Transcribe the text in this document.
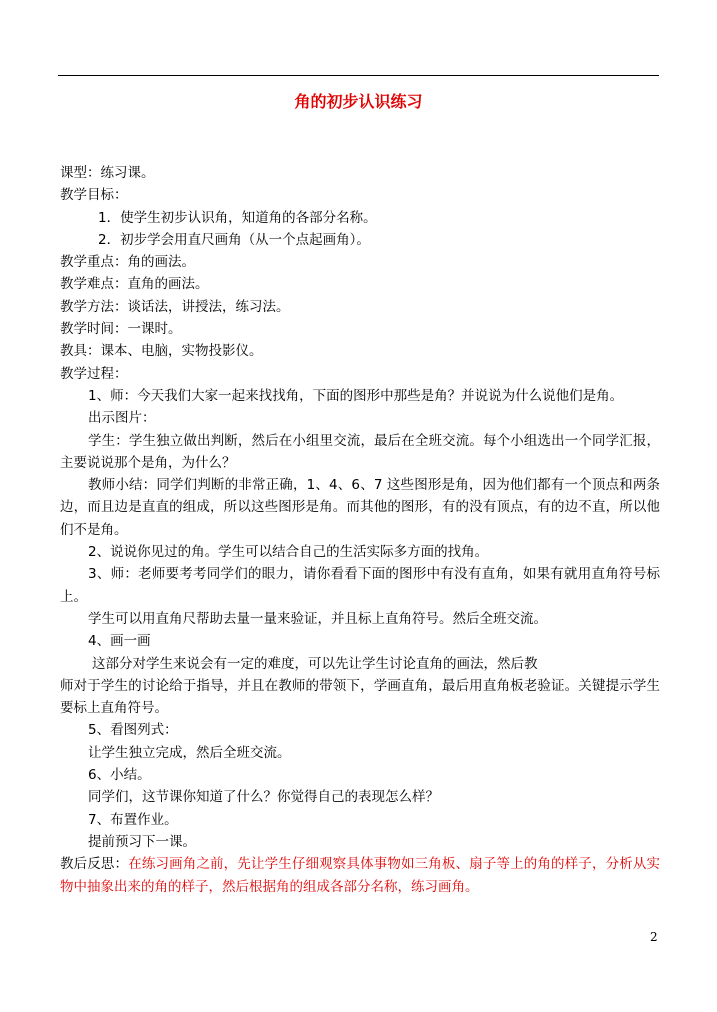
角的初步认识练习

课型：练习课。

教学目标：

1．使学生初步认识角，知道角的各部分名称。

2．初步学会用直尺画角（从一个点起画角）。

教学重点：角的画法。

教学难点：直角的画法。

教学方法：谈话法，讲授法，练习法。

教学时间：一课时。

教具：课本、电脑，实物投影仪。

教学过程：

1、师：今天我们大家一起来找找角，下面的图形中那些是角？并说说为什么说他们是角。

出示图片：

学生：学生独立做出判断，然后在小组里交流，最后在全班交流。每个小组选出一个同学汇报，主要说说那个是角，为什么？

教师小结：同学们判断的非常正确，1、4、6、7 这些图形是角，因为他们都有一个顶点和两条边，而且边是直直的组成，所以这些图形是角。而其他的图形，有的没有顶点，有的边不直，所以他们不是角。

2、说说你见过的角。学生可以结合自己的生活实际多方面的找角。

3、师：老师要考考同学们的眼力，请你看看下面的图形中有没有直角，如果有就用直角符号标上。

学生可以用直角尺帮助去量一量来验证，并且标上直角符号。然后全班交流。

4、画一画

这部分对学生来说会有一定的难度，可以先让学生讨论直角的画法，然后教

师对于学生的讨论给于指导，并且在教师的带领下，学画直角，最后用直角板老验证。关键提示学生要标上直角符号。

5、看图列式：

让学生独立完成，然后全班交流。

6、小结。

同学们，这节课你知道了什么？你觉得自己的表现怎么样？

7、布置作业。

提前预习下一课。

教后反思：在练习画角之前，先让学生仔细观察具体事物如三角板、扇子等上的角的样子，分析从实物中抽象出来的角的样子，然后根据角的组成各部分名称，练习画角。

2
